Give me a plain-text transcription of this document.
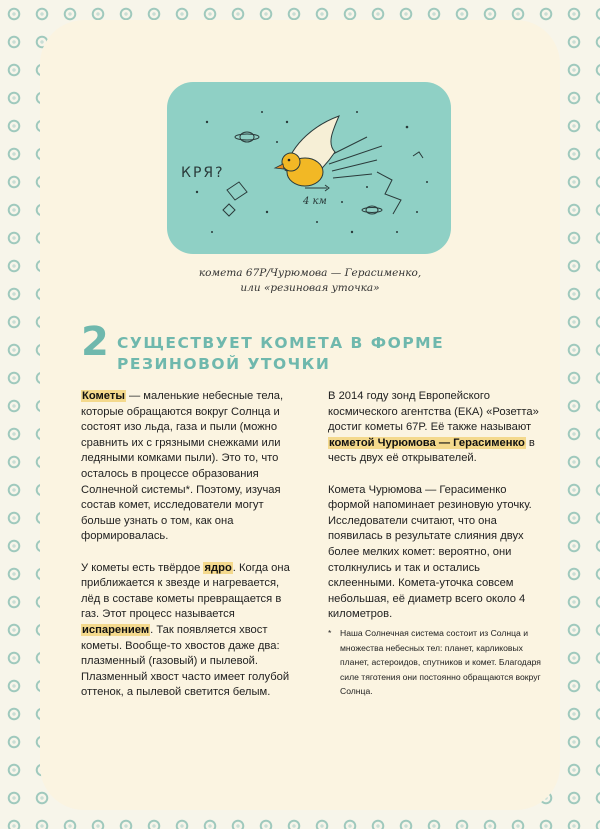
КРЯ?
4 км
комета 67P/Чурюмова — Герасименко,
или «резиновая уточка»
2 СУЩЕСТВУЕТ КОМЕТА В ФОРМЕ РЕЗИНОВОЙ УТОЧКИ

Кометы — маленькие небесные тела, которые обращаются вокруг Солнца и состоят изо льда, газа и пыли (можно сравнить их с грязными снежками или ледяными комками пыли). Это то, что осталось в процессе образования Солнечной системы*. Поэтому, изучая состав комет, исследователи могут больше узнать о том, как она формировалась.

У кометы есть твёрдое ядро. Когда она приближается к звезде и нагревается, лёд в составе кометы превращается в газ. Этот процесс называется испарением. Так появляется хвост кометы. Вообще-то хвостов даже два: плазменный (газовый) и пылевой. Плазменный хвост часто имеет голубой оттенок, а пылевой светится белым.

В 2014 году зонд Европейского космического агентства (ЕКА) «Розетта» достиг кометы 67P. Её также называют кометой Чурюмова — Герасименко в честь двух её открывателей.

Комета Чурюмова — Герасименко формой напоминает резиновую уточку. Исследователи считают, что она появилась в результате слияния двух более мелких комет: вероятно, они столкнулись и так и остались склеенными. Комета-уточка совсем небольшая, её диаметр всего около 4 километров.

*	Наша Солнечная система состоит из Солнца и множества небесных тел: планет, карликовых планет, астероидов, спутников и комет. Благодаря силе тяготения они постоянно обращаются вокруг Солнца.
